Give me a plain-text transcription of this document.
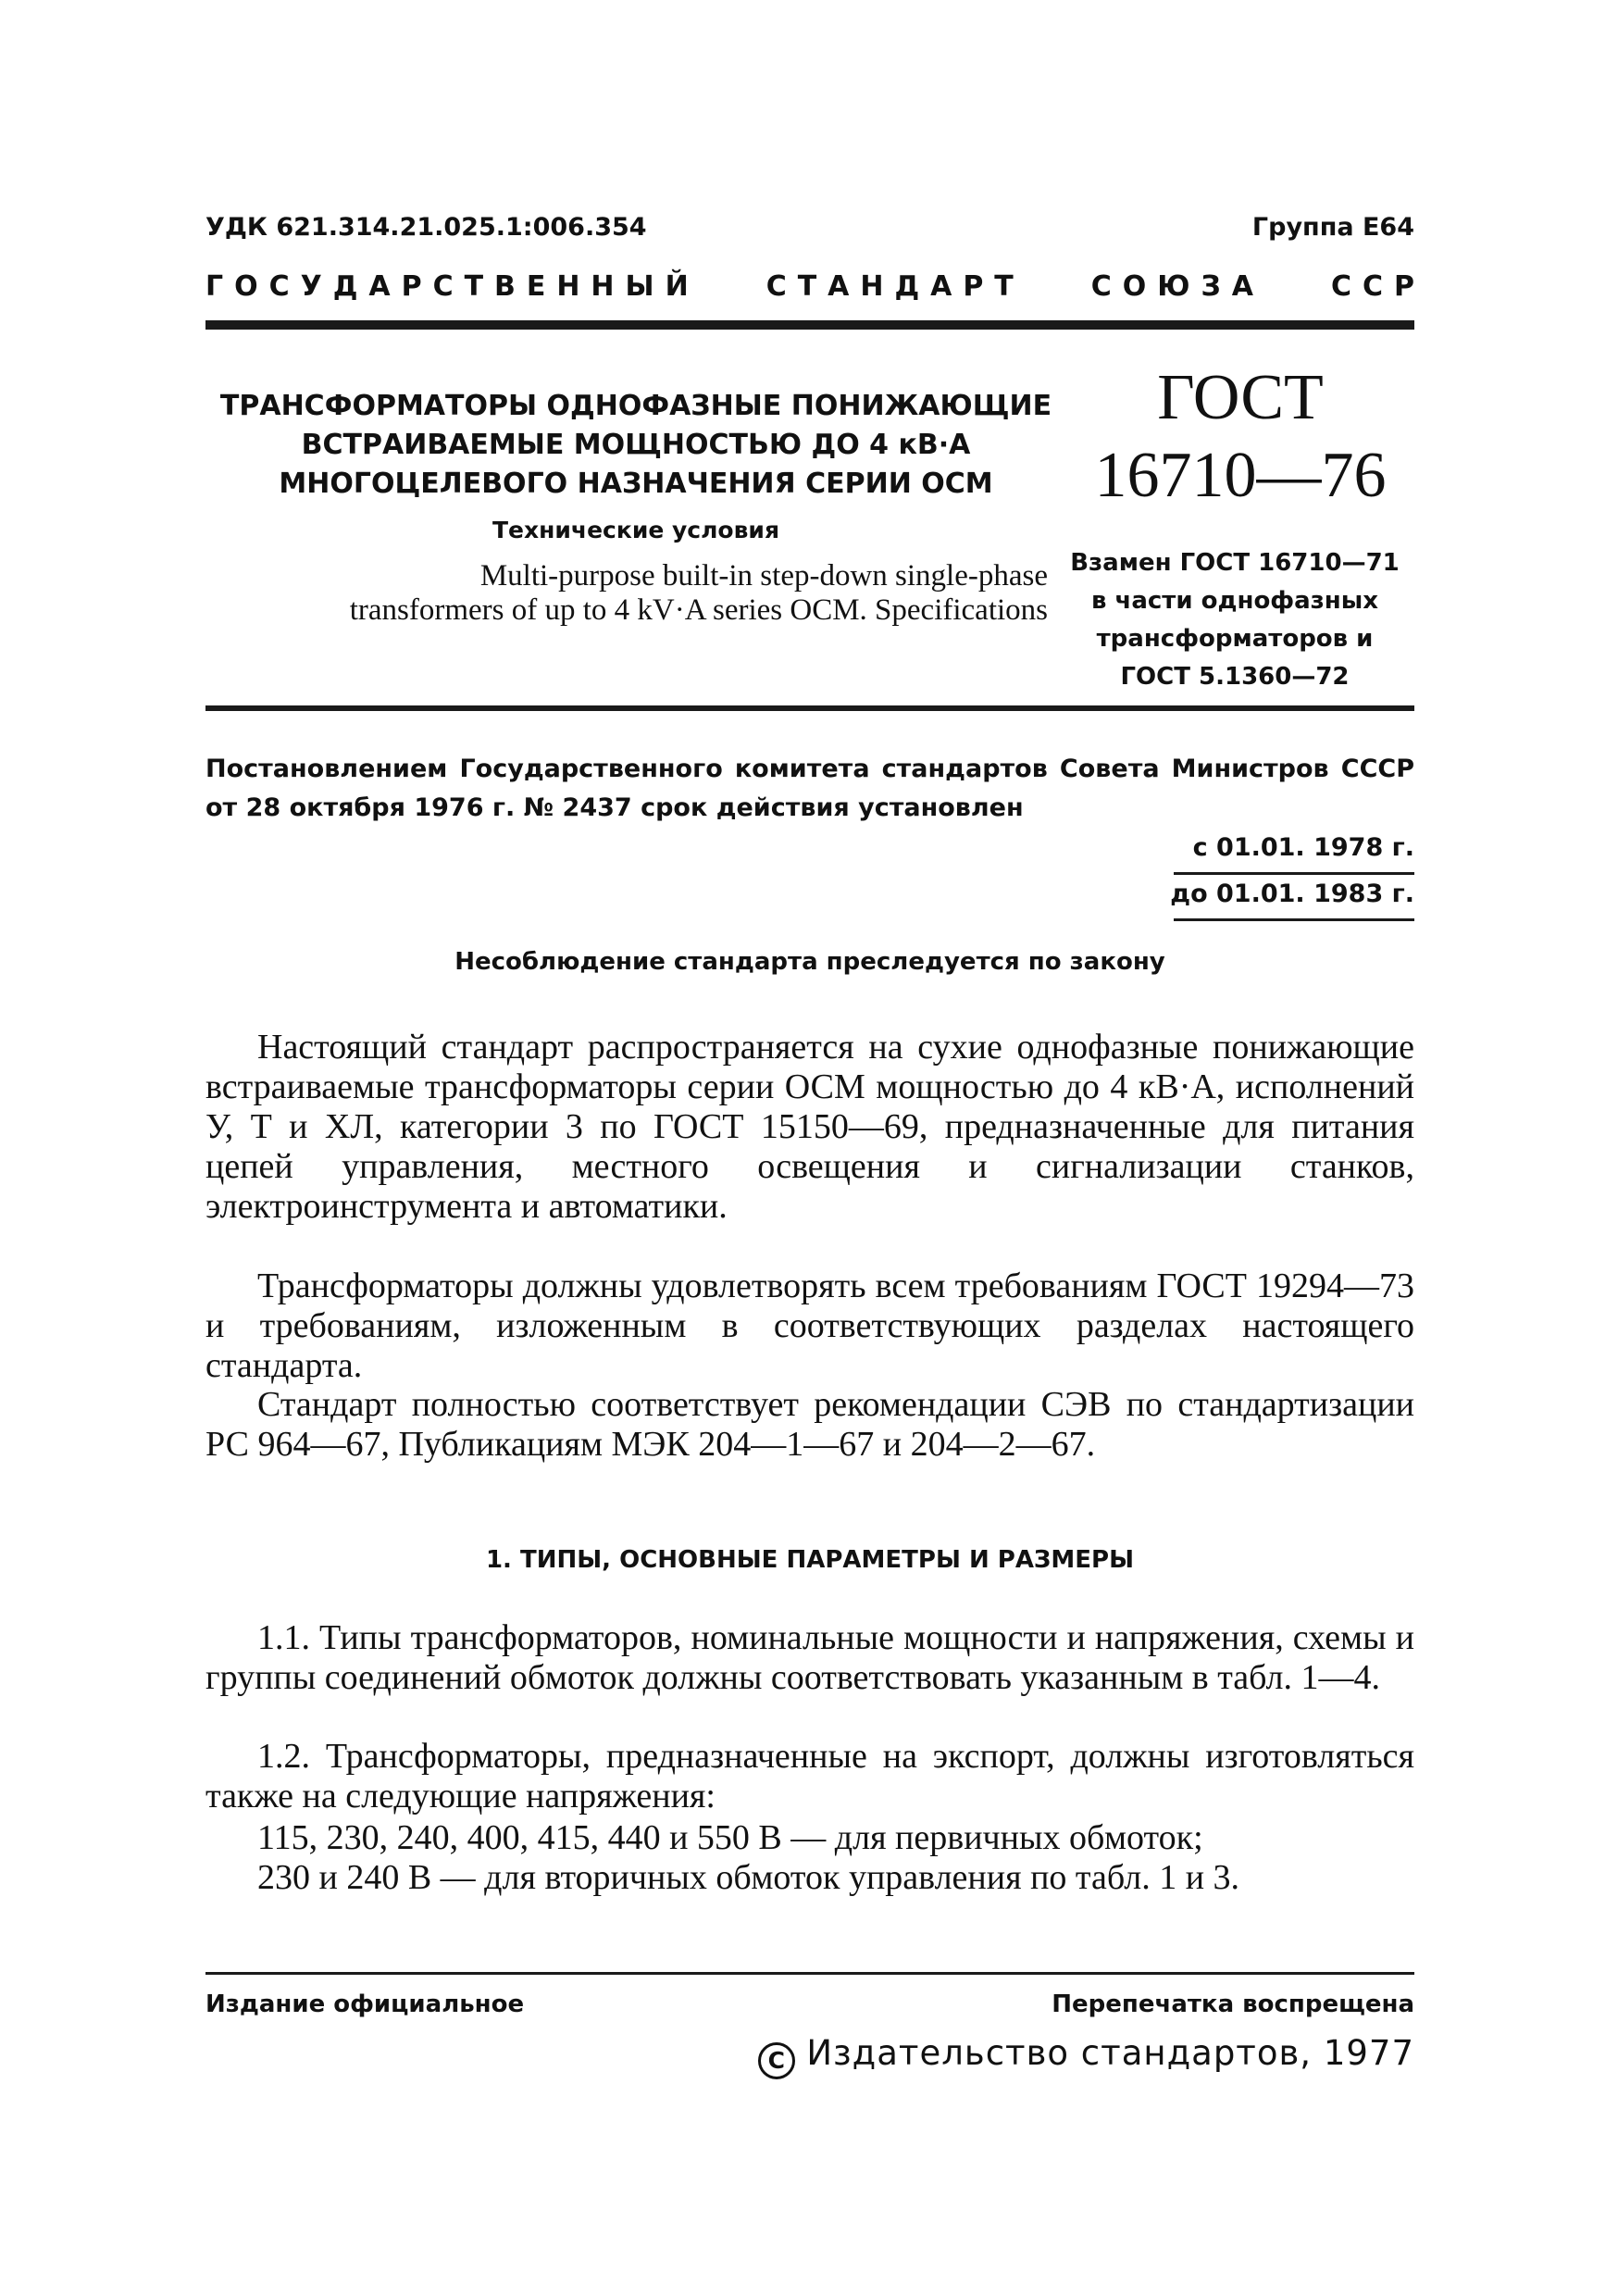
УДК 621.314.21.025.1:006.354	Группа Е64
Г  О  С  У  Д  А  Р  С  Т  В  Е  Н  Н  Ы  Й	С  Т  А  Н  Д  А  Р  Т	С  О  Ю  З  А	С  С  Р
ТРАНСФОРМАТОРЫ ОДНОФАЗНЫЕ ПОНИЖАЮЩИЕ
ВСТРАИВАЕМЫЕ МОЩНОСТЬЮ ДО 4 кВ·А
МНОГОЦЕЛЕВОГО НАЗНАЧЕНИЯ СЕРИИ ОСМ
Технические условия
Multi-purpose built-in step-down single-phase
transformers of up to 4 kV·A series OCM. Specifications
ГОСТ
16710—76
Взамен ГОСТ 16710—71
в части однофазных
трансформаторов и
ГОСТ 5.1360—72
Постановлением Государственного комитета стандартов Совета Министров СССР от 28 октября 1976 г. № 2437 срок действия установлен
с 01.01. 1978 г.
до 01.01. 1983 г.
Несоблюдение стандарта преследуется по закону
Настоящий стандарт распространяется на сухие однофазные понижающие встраиваемые трансформаторы серии ОСМ мощностью до 4 кВ·А, исполнений У, Т и ХЛ, категории 3 по ГОСТ 15150—69, предназначенные для питания цепей управления, местного освещения и сигнализации станков, электроинструмента и автоматики.
Трансформаторы должны удовлетворять всем требованиям ГОСТ 19294—73 и требованиям, изложенным в соответствующих разделах настоящего стандарта.
Стандарт полностью соответствует рекомендации СЭВ по стандартизации РС 964—67, Публикациям МЭК 204—1—67 и 204—2—67.
1. ТИПЫ, ОСНОВНЫЕ ПАРАМЕТРЫ И РАЗМЕРЫ
1.1. Типы трансформаторов, номинальные мощности и напряжения, схемы и группы соединений обмоток должны соответствовать указанным в табл. 1—4.
1.2. Трансформаторы, предназначенные на экспорт, должны изготовляться также на следующие напряжения:
115, 230, 240, 400, 415, 440 и 550 В — для первичных обмоток;
230 и 240 В — для вторичных обмоток управления по табл. 1 и 3.
Издание официальное	Перепечатка воспрещена
C Издательство стандартов, 1977
